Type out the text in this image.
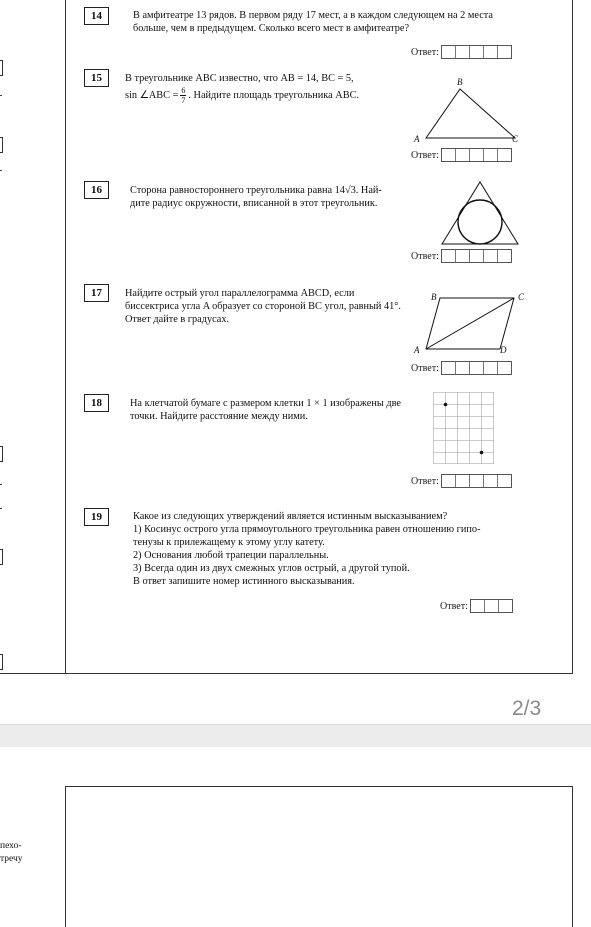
14	В амфитеатре 13 рядов. В первом ряду 17 мест, а в каждом следующем на 2 места больше, чем в предыдущем. Сколько всего мест в амфитеатре?
Ответ:
15	В треугольнике ABC известно, что AB = 14, BC = 5,
sin ∠ABC = $\frac{6}{7}$ . Найдите площадь треугольника ABC.
B
A	C
Ответ:
16	Сторона равностороннего треугольника равна 14√3. Най-
дите радиус окружности, вписанной в этот треугольник.
Ответ:
17	Найдите острый угол параллелограмма ABCD, если биссектриса угла A образует со стороной BC угол, равный 41°. Ответ дайте в градусах.
B	C
A	D
Ответ:
18	На клетчатой бумаге с размером клетки 1 × 1 изображены две точки. Найдите расстояние между ними.
Ответ:
19	Какое из следующих утверждений является истинным высказыванием?
1) Косинус острого угла прямоугольного треугольника равен отношению гипо-
тенузы к прилежащему к этому углу катету.
2) Основания любой трапеции параллельны.
3) Всегда один из двух смежных углов острый, а другой тупой.
В ответ запишите номер истинного высказывания.
Ответ:
2/3
пехо-
тречу
